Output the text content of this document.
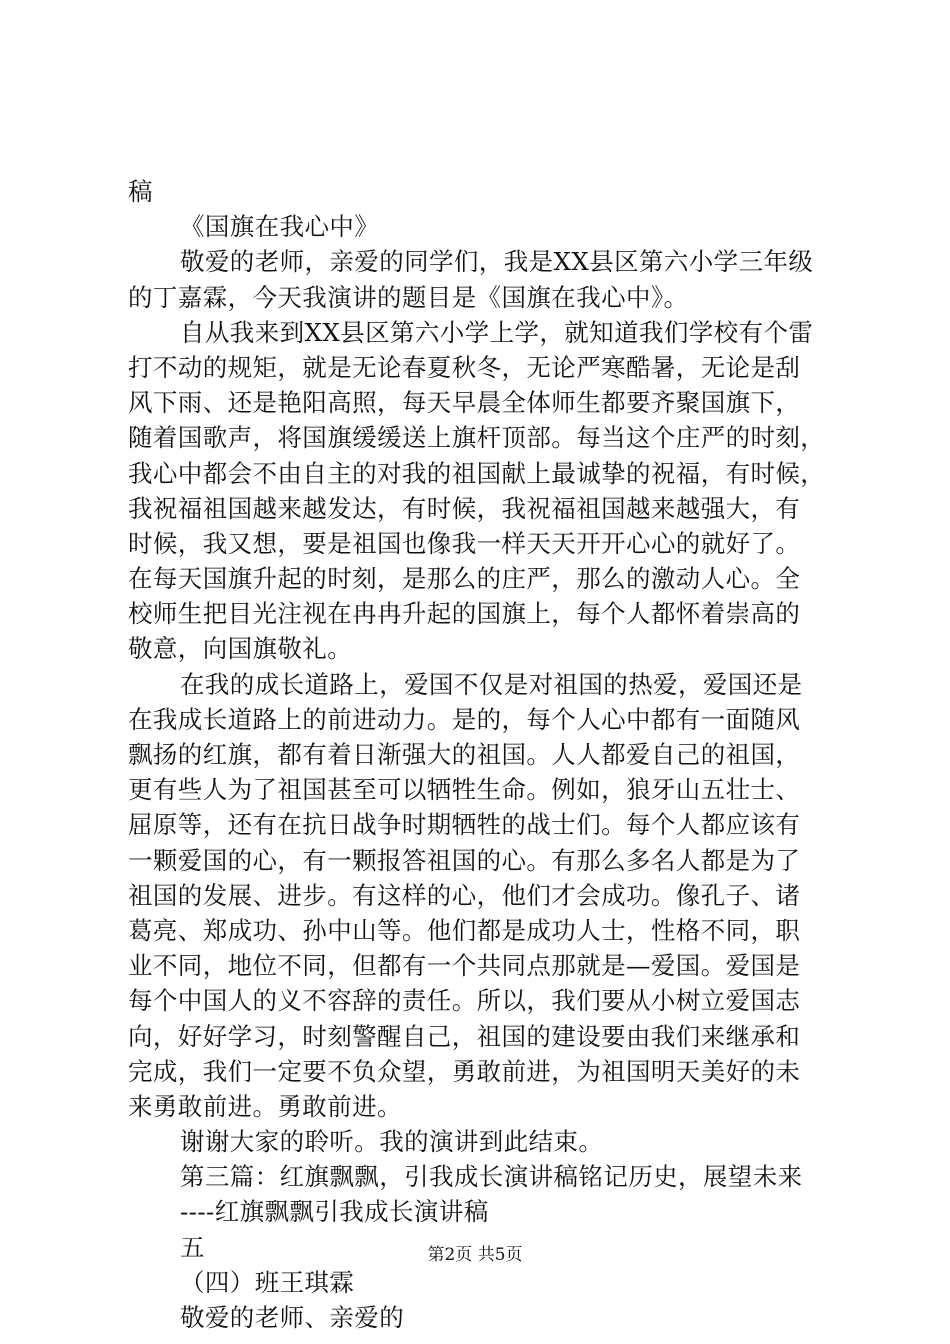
稿
《国旗在我心中》
敬爱的老师，亲爱的同学们，我是XX县区第六小学三年级
的丁嘉霖，今天我演讲的题目是《国旗在我心中》。
自从我来到XX县区第六小学上学，就知道我们学校有个雷
打不动的规矩，就是无论春夏秋冬，无论严寒酷暑，无论是刮
风下雨、还是艳阳高照，每天早晨全体师生都要齐聚国旗下，
随着国歌声，将国旗缓缓送上旗杆顶部。每当这个庄严的时刻，
我心中都会不由自主的对我的祖国献上最诚挚的祝福，有时候，
我祝福祖国越来越发达，有时候，我祝福祖国越来越强大，有
时候，我又想，要是祖国也像我一样天天开开心心的就好了。
在每天国旗升起的时刻，是那么的庄严，那么的激动人心。全
校师生把目光注视在冉冉升起的国旗上，每个人都怀着崇高的
敬意，向国旗敬礼。
在我的成长道路上，爱国不仅是对祖国的热爱，爱国还是
在我成长道路上的前进动力。是的，每个人心中都有一面随风
飘扬的红旗，都有着日渐强大的祖国。人人都爱自己的祖国，
更有些人为了祖国甚至可以牺牲生命。例如，狼牙山五壮士、
屈原等，还有在抗日战争时期牺牲的战士们。每个人都应该有
一颗爱国的心，有一颗报答祖国的心。有那么多名人都是为了
祖国的发展、进步。有这样的心，他们才会成功。像孔子、诸
葛亮、郑成功、孙中山等。他们都是成功人士，性格不同，职
业不同，地位不同，但都有一个共同点那就是—爱国。爱国是
每个中国人的义不容辞的责任。所以，我们要从小树立爱国志
向，好好学习，时刻警醒自己，祖国的建设要由我们来继承和
完成，我们一定要不负众望，勇敢前进，为祖国明天美好的未
来勇敢前进。勇敢前进。
谢谢大家的聆听。我的演讲到此结束。
第三篇：红旗飘飘，引我成长演讲稿铭记历史，展望未来
----红旗飘飘引我成长演讲稿
五
（四）班王琪霖
敬爱的老师、亲爱的
第2页 共5页
